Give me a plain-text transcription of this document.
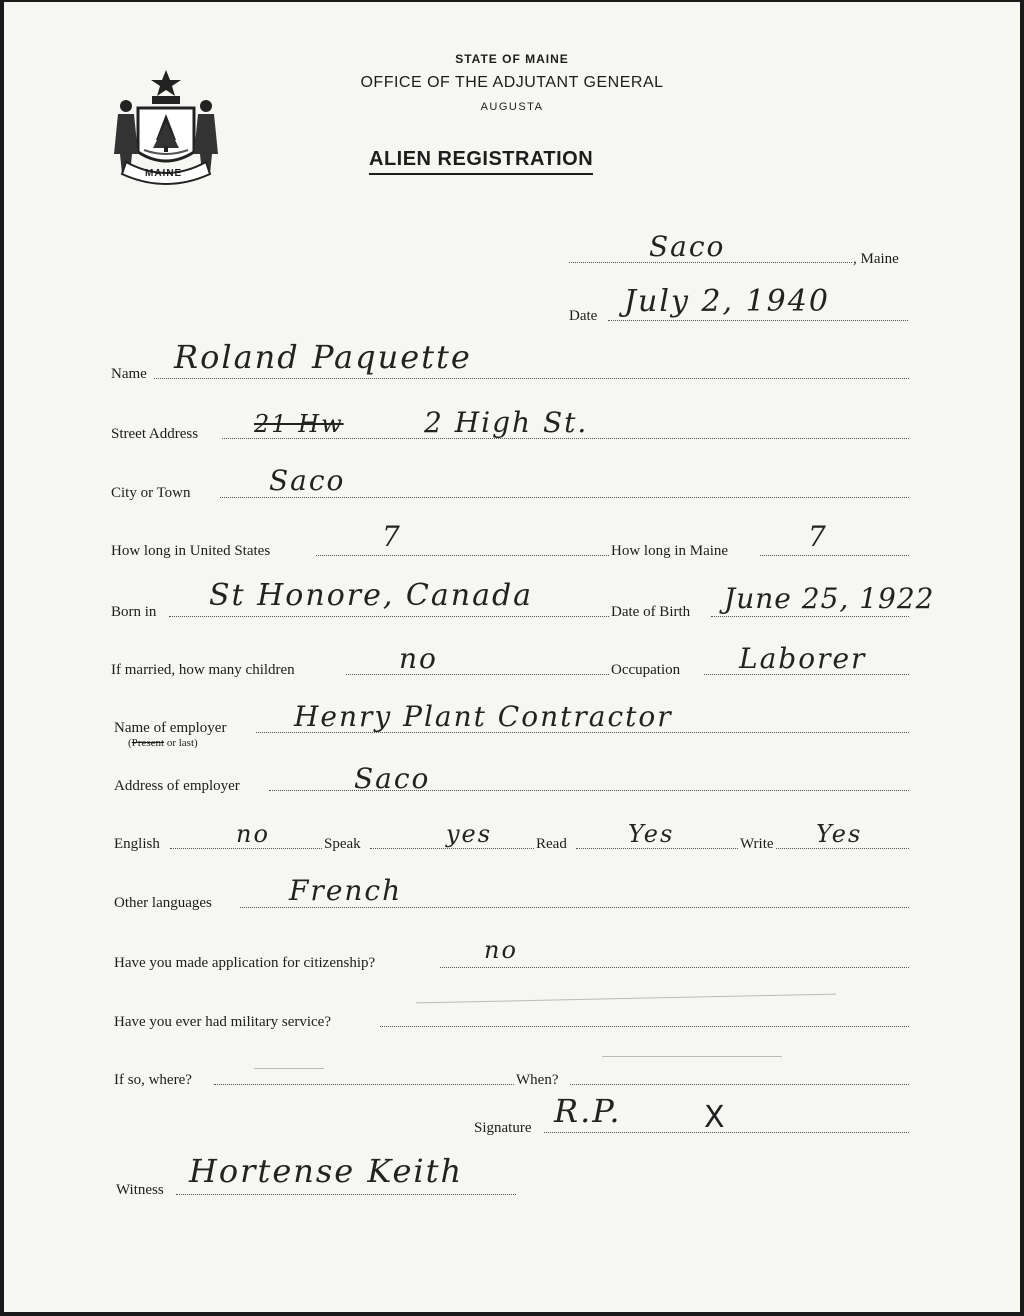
MAINE
STATE OF MAINE
OFFICE OF THE ADJUTANT GENERAL
AUGUSTA
ALIEN REGISTRATION
Saco	, Maine
Date July 2, 1940
Name Roland Paquette
Street Address 21 Hw	2 High St.
City or Town	Saco
How long in United States	7	How long in Maine	7
Born in St Honore, Canada	Date of Birth June 25, 1922
If married, how many children	no	Occupation Laborer
Name of employer
(Present or last)
Henry Plant Contractor
Address of employer	Saco
English	no	Speak	yes	Read	Yes	Write Yes
Other languages	French
Have you made application for citizenship?	no
Have you ever had military service?
If so, where?	When?
Signature R.P.	X
Witness Hortense Keith
